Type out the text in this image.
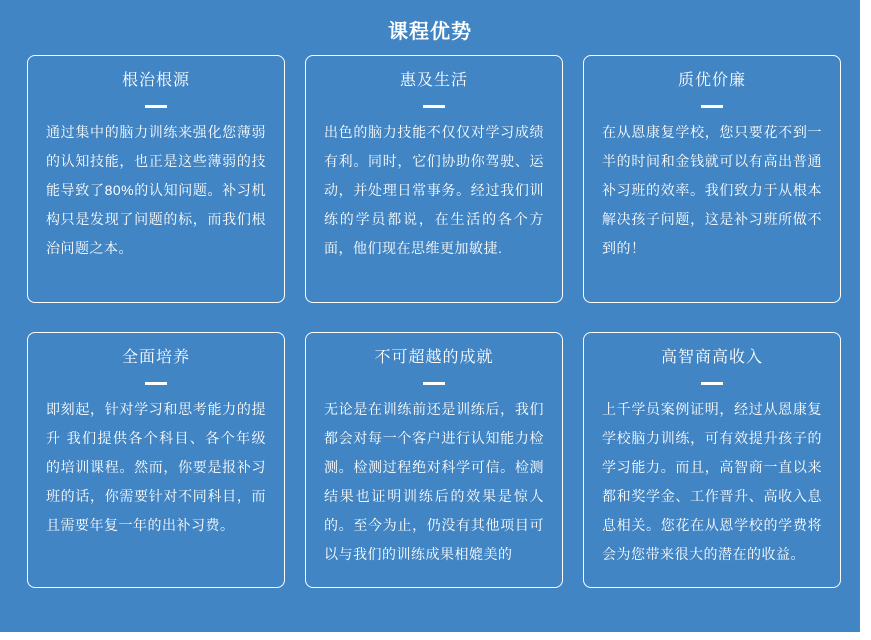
课程优势
根治根源

通过集中的脑力训练来强化您薄弱的认知技能，也正是这些薄弱的技能导致了80%的认知问题。补习机构只是发现了问题的标，而我们根治问题之本。

惠及生活

出色的脑力技能不仅仅对学习成绩有利。同时，它们协助你驾驶、运动，并处理日常事务。经过我们训练的学员都说，在生活的各个方面，他们现在思维更加敏捷.

质优价廉

在从恩康复学校，您只要花不到一半的时间和金钱就可以有高出普通补习班的效率。我们致力于从根本解决孩子问题，这是补习班所做不到的！

全面培养

即刻起，针对学习和思考能力的提升 我们提供各个科目、各个年级的培训课程。然而，你要是报补习班的话，你需要针对不同科目，而且需要年复一年的出补习费。

不可超越的成就

无论是在训练前还是训练后，我们都会对每一个客户进行认知能力检测。检测过程绝对科学可信。检测结果也证明训练后的效果是惊人的。至今为止，仍没有其他项目可以与我们的训练成果相媲美的

高智商高收入

上千学员案例证明，经过从恩康复学校脑力训练，可有效提升孩子的学习能力。而且，高智商一直以来都和奖学金、工作晋升、高收入息息相关。您花在从恩学校的学费将会为您带来很大的潜在的收益。
